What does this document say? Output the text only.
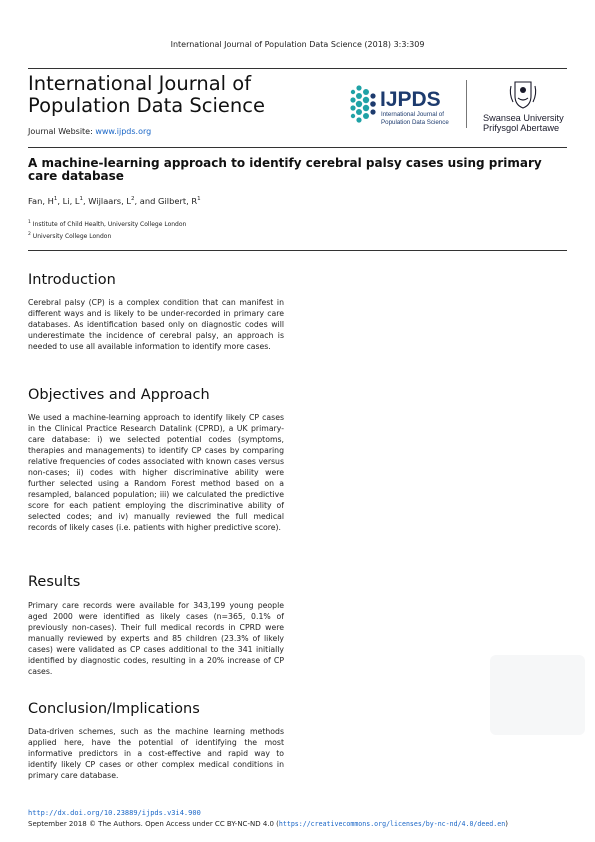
International Journal of Population Data Science (2018) 3:3:309
International Journal of
Population Data Science
Journal Website: www.ijpds.org
IJPDS
International Journal of
Population Data Science	Swansea University
Prifysgol Abertawe
A machine-learning approach to identify cerebral palsy cases using primary care database
Fan, $H^1$, Li, $L^1$, Wijlaars, $L^2$, and Gilbert, $R^1$
$^1$ Institute of Child Health, University College London
$^2$ University College London
Introduction
Cerebral palsy (CP) is a complex condition that can manifest in different ways and is likely to be under-recorded in primary care databases. As identification based only on diagnostic codes will underestimate the incidence of cerebral palsy, an approach is needed to use all available information to identify more cases.
Objectives and Approach
We used a machine-learning approach to identify likely CP cases in the Clinical Practice Research Datalink (CPRD), a UK primary-care database: i) we selected potential codes (symptoms, therapies and managements) to identify CP cases by comparing relative frequencies of codes associated with known cases versus non-cases; ii) codes with higher discriminative ability were further selected using a Random Forest method based on a resampled, balanced population; iii) we calculated the predictive score for each patient employing the discriminative ability of selected codes; and iv) manually reviewed the full medical records of likely cases (i.e. patients with higher predictive score).
Results
Primary care records were available for 343,199 young people aged 2000 were identified as likely cases (n=365, 0.1% of previously non-cases). Their full medical records in CPRD were manually reviewed by experts and 85 children (23.3% of likely cases) were validated as CP cases additional to the 341 initially identified by diagnostic codes, resulting in a 20% increase of CP cases.
Conclusion/Implications
Data-driven schemes, such as the machine learning methods applied here, have the potential of identifying the most informative predictors in a cost-effective and rapid way to identify likely CP cases or other complex medical conditions in primary care database.
http://dx.doi.org/10.23889/ijpds.v3i4.900
September 2018 © The Authors. Open Access under CC BY-NC-ND 4.0 (https://creativecommons.org/licenses/by-nc-nd/4.0/deed.en)
